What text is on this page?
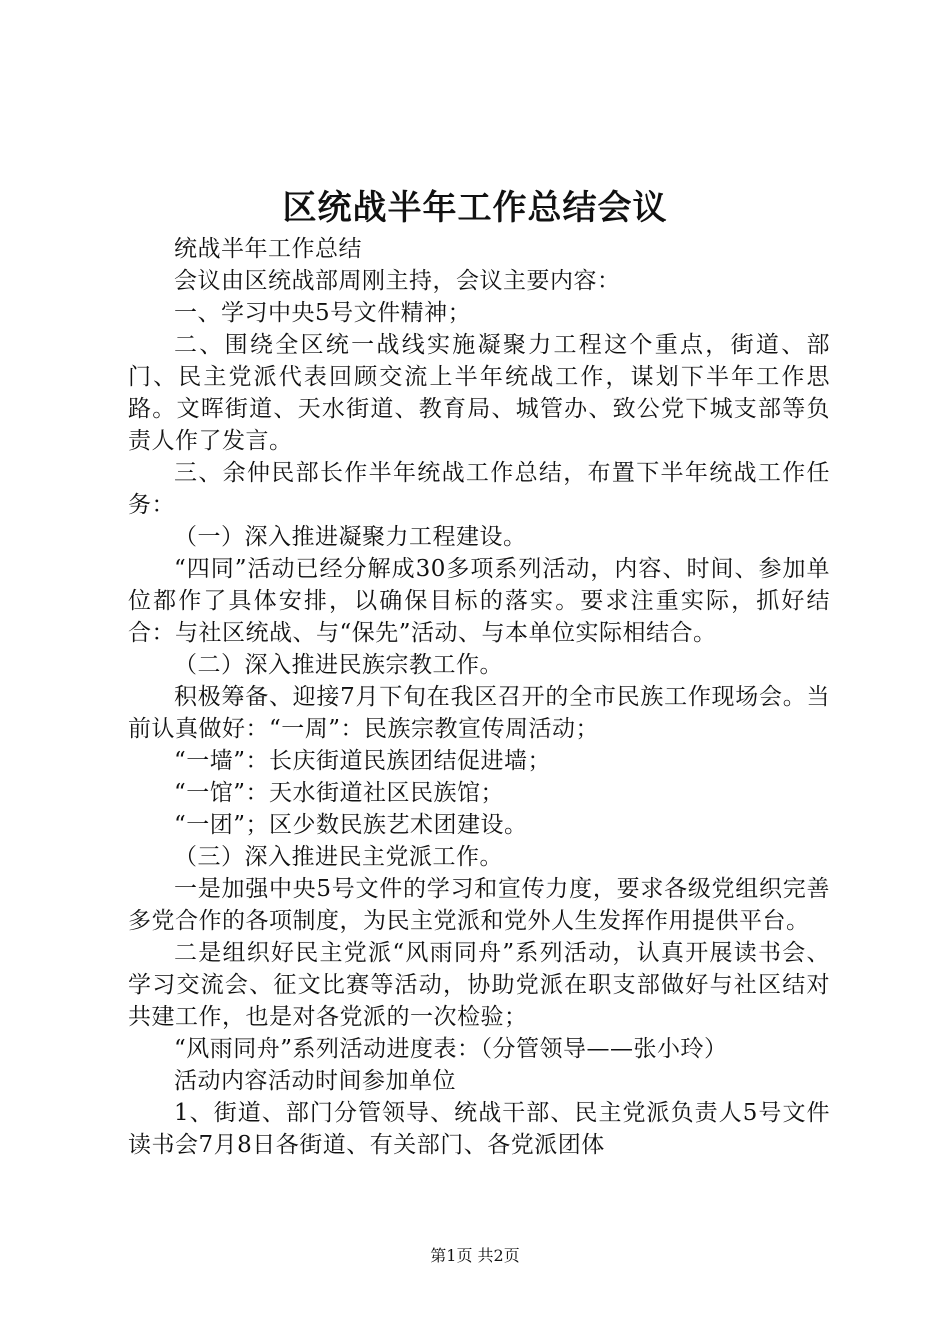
区统战半年工作总结会议

统战半年工作总结

会议由区统战部周刚主持，会议主要内容：

一、学习中央5号文件精神；

二、围绕全区统一战线实施凝聚力工程这个重点，街道、部门、民主党派代表回顾交流上半年统战工作，谋划下半年工作思路。文晖街道、天水街道、教育局、城管办、致公党下城支部等负责人作了发言。

三、余仲民部长作半年统战工作总结，布置下半年统战工作任务：

（一）深入推进凝聚力工程建设。

“四同”活动已经分解成30多项系列活动，内容、时间、参加单位都作了具体安排，以确保目标的落实。要求注重实际，抓好结合：与社区统战、与“保先”活动、与本单位实际相结合。

（二）深入推进民族宗教工作。

积极筹备、迎接7月下旬在我区召开的全市民族工作现场会。当前认真做好：“一周”：民族宗教宣传周活动；

“一墙”：长庆街道民族团结促进墙；

“一馆”：天水街道社区民族馆；

“一团”；区少数民族艺术团建设。

（三）深入推进民主党派工作。

一是加强中央5号文件的学习和宣传力度，要求各级党组织完善多党合作的各项制度，为民主党派和党外人生发挥作用提供平台。

二是组织好民主党派“风雨同舟”系列活动，认真开展读书会、学习交流会、征文比赛等活动，协助党派在职支部做好与社区结对共建工作，也是对各党派的一次检验；

“风雨同舟”系列活动进度表：（分管领导——张小玲）

活动内容活动时间参加单位

1、街道、部门分管领导、统战干部、民主党派负责人5号文件读书会7月8日各街道、有关部门、各党派团体

第1页 共2页
